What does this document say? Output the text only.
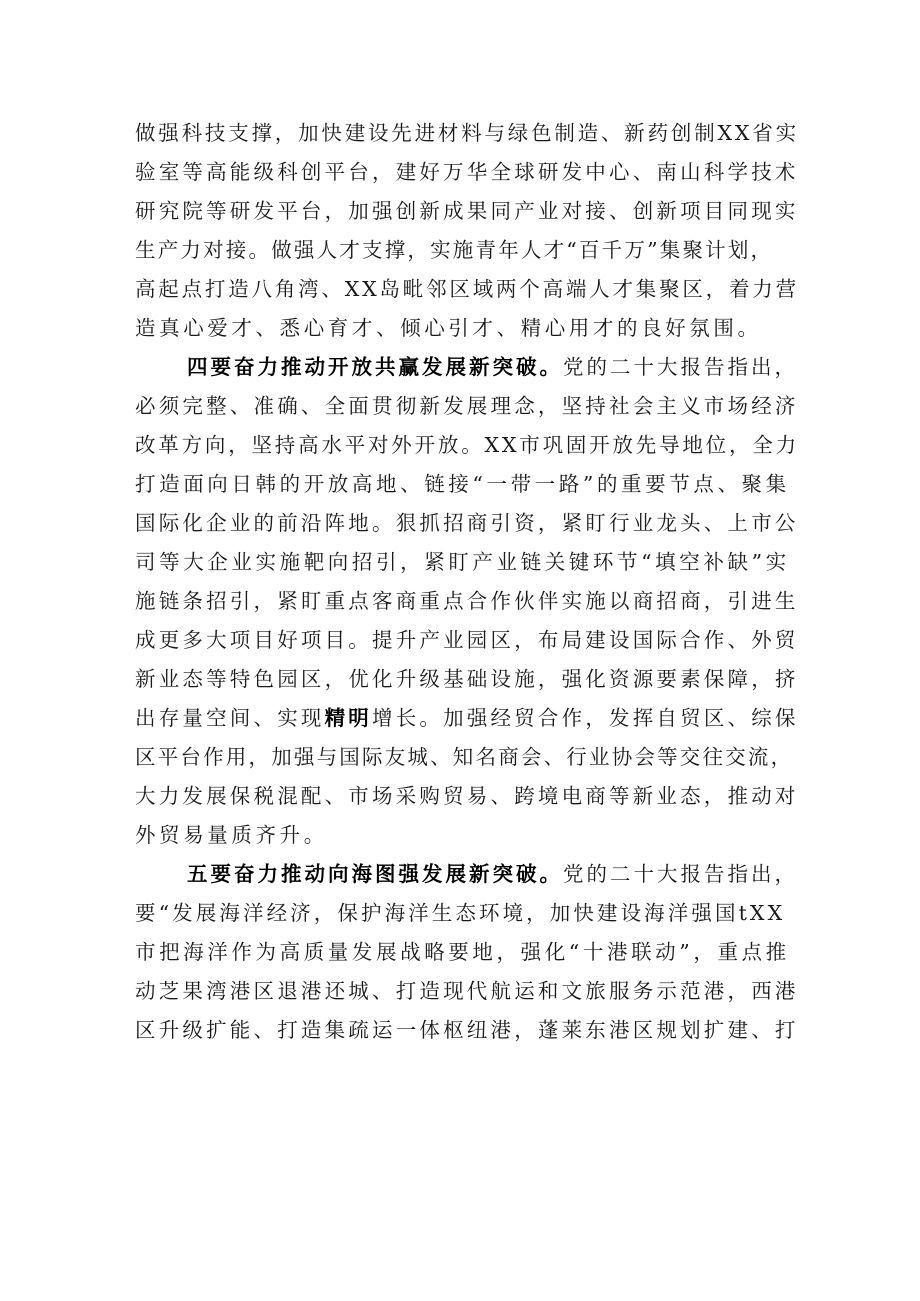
做强科技支撑，加快建设先进材料与绿色制造、新药创制XX省实
验室等高能级科创平台，建好万华全球研发中心、南山科学技术
研究院等研发平台，加强创新成果同产业对接、创新项目同现实
生产力对接。做强人才支撑，实施青年人才“百千万”集聚计划，
高起点打造八角湾、XX岛毗邻区域两个高端人才集聚区，着力营
造真心爱才、悉心育才、倾心引才、精心用才的良好氛围。
四要奋力推动开放共赢发展新突破。党的二十大报告指出，
必须完整、准确、全面贯彻新发展理念，坚持社会主义市场经济
改革方向，坚持高水平对外开放。XX市巩固开放先导地位，全力
打造面向日韩的开放高地、链接“一带一路”的重要节点、聚集
国际化企业的前沿阵地。狠抓招商引资，紧盯行业龙头、上市公
司等大企业实施靶向招引，紧盯产业链关键环节“填空补缺”实
施链条招引，紧盯重点客商重点合作伙伴实施以商招商，引进生
成更多大项目好项目。提升产业园区，布局建设国际合作、外贸
新业态等特色园区，优化升级基础设施，强化资源要素保障，挤
出存量空间、实现精明增长。加强经贸合作，发挥自贸区、综保
区平台作用，加强与国际友城、知名商会、行业协会等交往交流，
大力发展保税混配、市场采购贸易、跨境电商等新业态，推动对
外贸易量质齐升。
五要奋力推动向海图强发展新突破。党的二十大报告指出，
要“发展海洋经济，保护海洋生态环境，加快建设海洋强国tXX
市把海洋作为高质量发展战略要地，强化“十港联动”，重点推
动芝果湾港区退港还城、打造现代航运和文旅服务示范港，西港
区升级扩能、打造集疏运一体枢纽港，蓬莱东港区规划扩建、打
